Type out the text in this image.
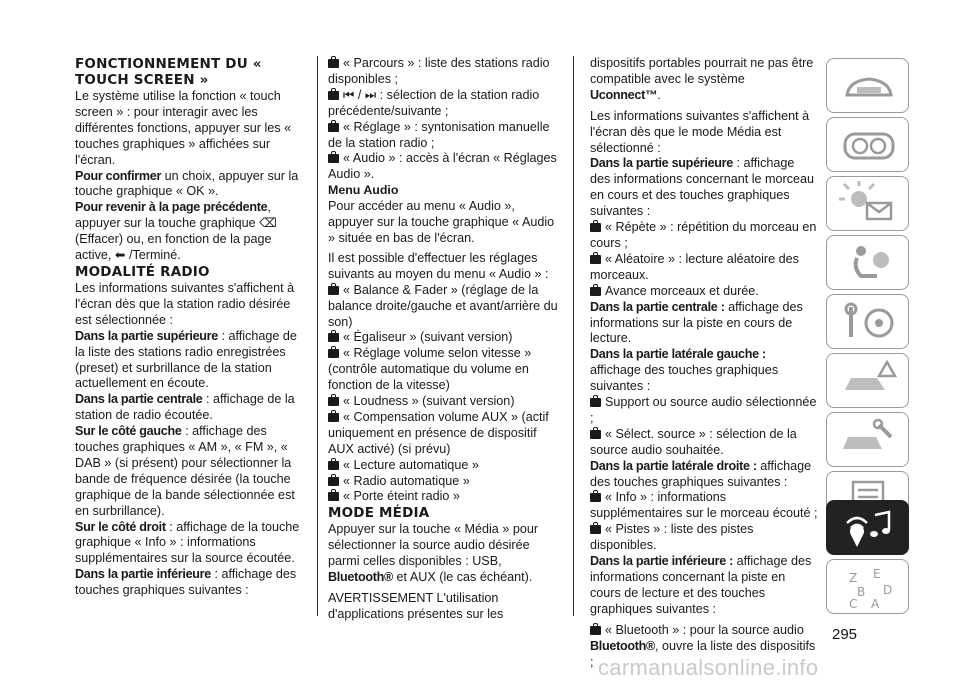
FONCTIONNEMENT DU « TOUCH SCREEN »

Le système utilise la fonction « touch screen » : pour interagir avec les différentes fonctions, appuyer sur les « touches graphiques » affichées sur l'écran.

Pour confirmer un choix, appuyer sur la touche graphique « OK ».

Pour revenir à la page précédente, appuyer sur la touche graphique ⌫ (Effacer) ou, en fonction de la page active, ⬅ /Terminé.

MODALITÉ RADIO

Les informations suivantes s'affichent à l'écran dès que la station radio désirée est sélectionnée :

Dans la partie supérieure : affichage de la liste des stations radio enregistrées (preset) et surbrillance de la station actuellement en écoute.

Dans la partie centrale : affichage de la station de radio écoutée.

Sur le côté gauche : affichage des touches graphiques « AM », « FM », « DAB » (si présent) pour sélectionner la bande de fréquence désirée (la touche graphique de la bande sélectionnée est en surbrillance).

Sur le côté droit : affichage de la touche graphique « Info » : informations supplémentaires sur la source écoutée.

Dans la partie inférieure : affichage des touches graphiques suivantes :

« Parcours » : liste des stations radio disponibles ;

⏮ / ⏭ : sélection de la station radio précédente/suivante ;

« Réglage » : syntonisation manuelle de la station radio ;

« Audio » : accès à l'écran « Réglages Audio ».

Menu Audio

Pour accéder au menu « Audio », appuyer sur la touche graphique « Audio » située en bas de l'écran.

Il est possible d'effectuer les réglages suivants au moyen du menu « Audio » :

« Balance & Fader » (réglage de la balance droite/gauche et avant/arrière du son)

« Égaliseur » (suivant version)

« Réglage volume selon vitesse » (contrôle automatique du volume en fonction de la vitesse)

« Loudness » (suivant version)

« Compensation volume AUX » (actif uniquement en présence de dispositif AUX activé) (si prévu)

« Lecture automatique »

« Radio automatique »

« Porte éteint radio »

MODE MÉDIA

Appuyer sur la touche « Média » pour sélectionner la source audio désirée parmi celles disponibles : USB, Bluetooth® et AUX (le cas échéant).

AVERTISSEMENT L'utilisation d'applications présentes sur les

dispositifs portables pourrait ne pas être compatible avec le système Uconnect™.

Les informations suivantes s'affichent à l'écran dès que le mode Média est sélectionné :

Dans la partie supérieure : affichage des informations concernant le morceau en cours et des touches graphiques suivantes :

« Répète » : répétition du morceau en cours ;

« Aléatoire » : lecture aléatoire des morceaux.

Avance morceaux et durée.

Dans la partie centrale : affichage des informations sur la piste en cours de lecture.

Dans la partie latérale gauche : affichage des touches graphiques suivantes :

Support ou source audio sélectionnée ;

« Sélect. source » : sélection de la source audio souhaitée.

Dans la partie latérale droite : affichage des touches graphiques suivantes :

« Info » : informations supplémentaires sur le morceau écouté ;

« Pistes » : liste des pistes disponibles.

Dans la partie inférieure : affichage des informations concernant la piste en cours de lecture et des touches graphiques suivantes :

« Bluetooth » : pour la source audio Bluetooth®, ouvre la liste des dispositifs ;

Z E
B D
C A
295
carmanualsonline.info
